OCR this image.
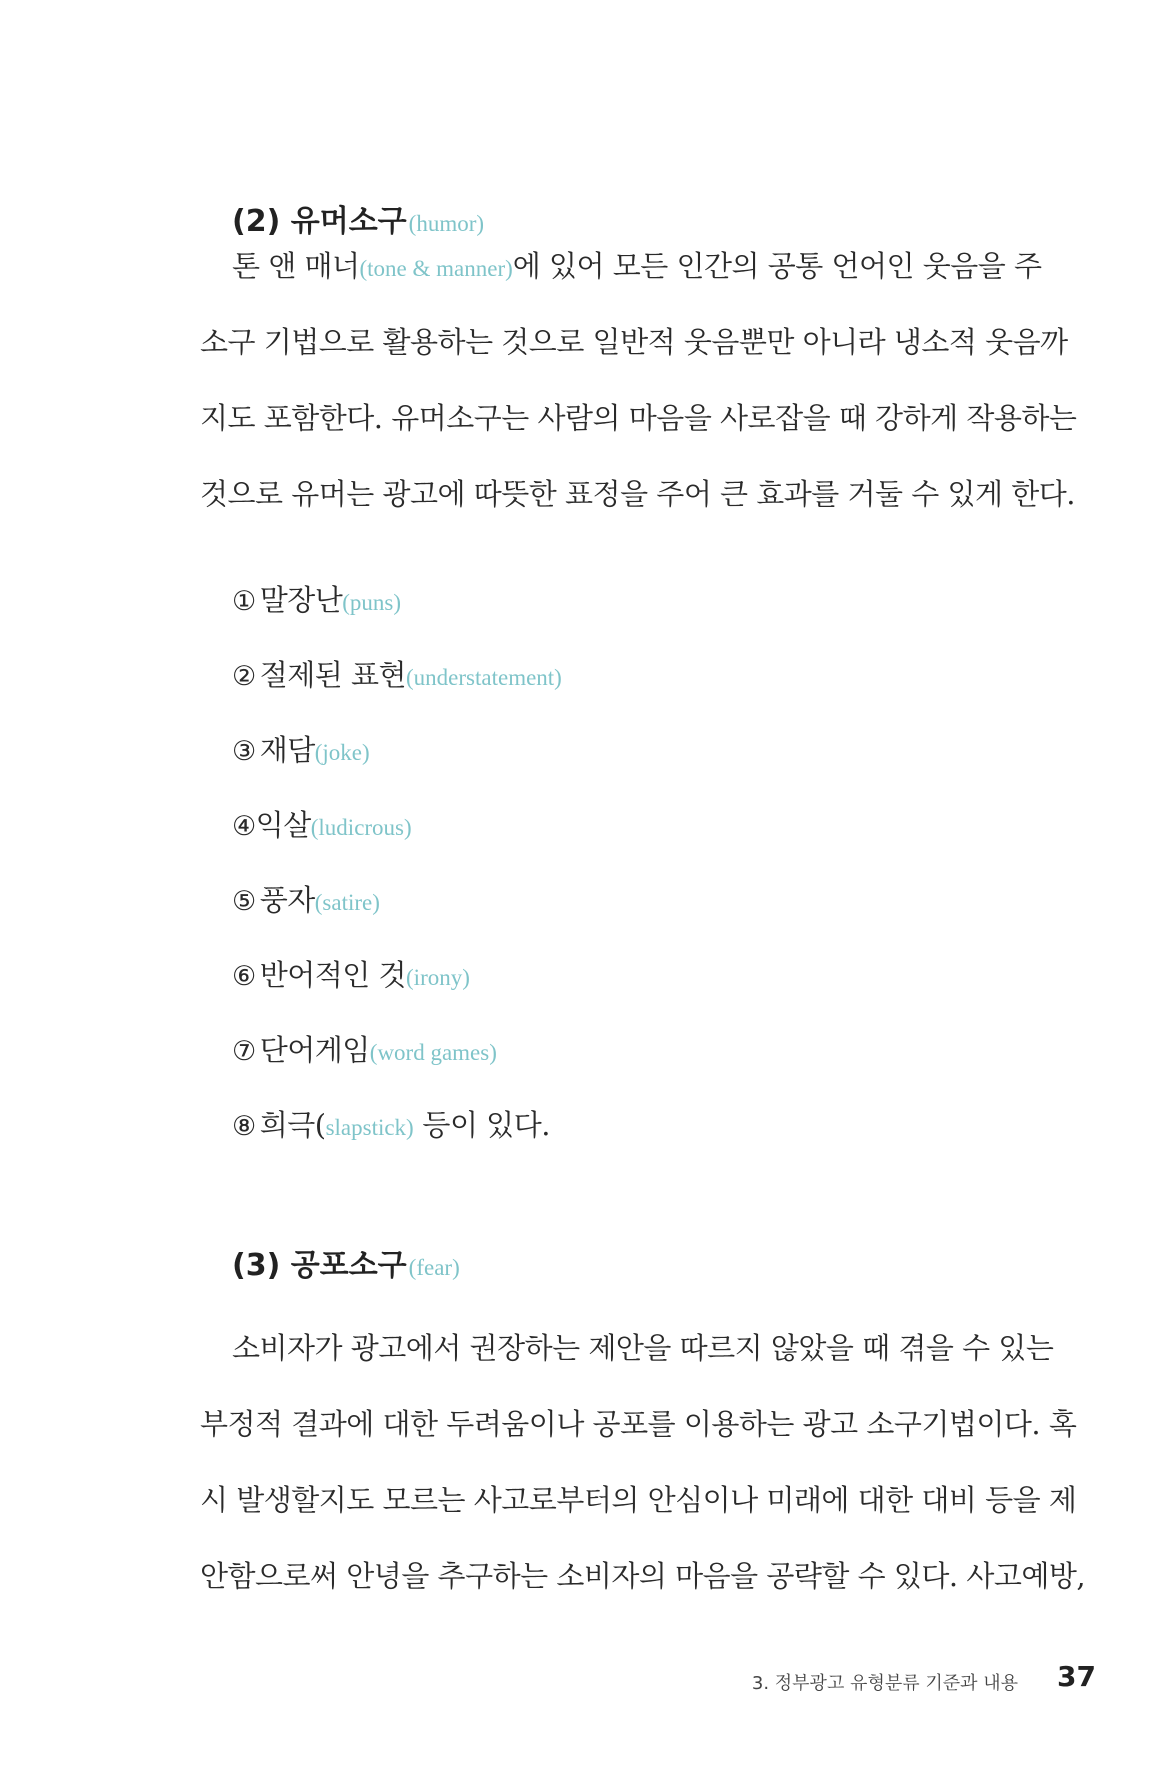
(2) 유머소구(humor)
톤 앤 매너(tone & manner)에 있어 모든 인간의 공통 언어인 웃음을 주
소구 기법으로 활용하는 것으로 일반적 웃음뿐만 아니라 냉소적 웃음까
지도 포함한다. 유머소구는 사람의 마음을 사로잡을 때 강하게 작용하는
것으로 유머는 광고에 따뜻한 표정을 주어 큰 효과를 거둘 수 있게 한다.
① 말장난(puns)
② 절제된 표현(understatement)
③ 재담(joke)
④익살(ludicrous)
⑤ 풍자(satire)
⑥ 반어적인 것(irony)
⑦ 단어게임(word games)
⑧ 희극(slapstick) 등이 있다.
(3) 공포소구(fear)
소비자가 광고에서 권장하는 제안을 따르지 않았을 때 겪을 수 있는
부정적 결과에 대한 두려움이나 공포를 이용하는 광고 소구기법이다. 혹
시 발생할지도 모르는 사고로부터의 안심이나 미래에 대한 대비 등을 제
안함으로써 안녕을 추구하는 소비자의 마음을 공략할 수 있다. 사고예방,
3. 정부광고 유형분류 기준과 내용 37
